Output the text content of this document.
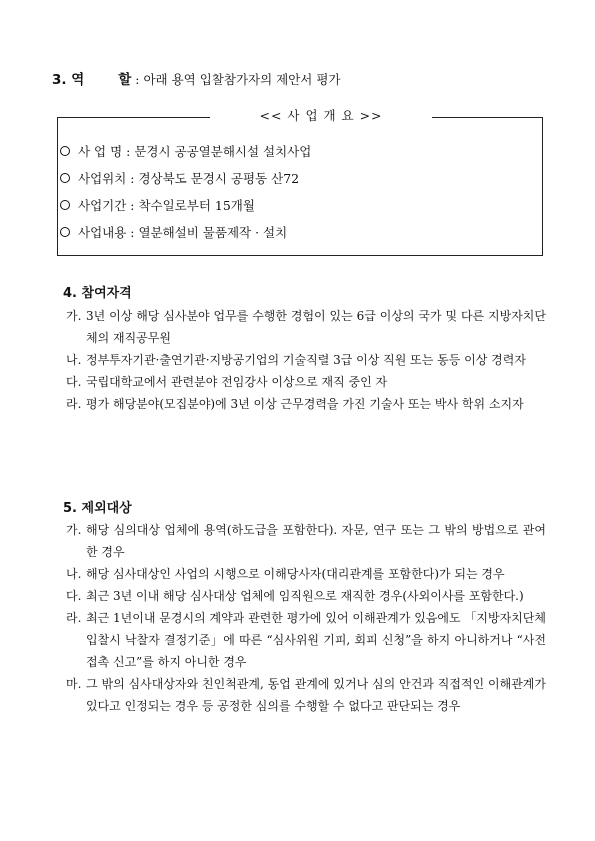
3. 역	할 : 아래 용역 입찰참가자의 제안서 평가
<< 사 업 개 요 >>
사 업 명 : 문경시 공공열분해시설 설치사업
사업위치 : 경상북도 문경시 공평동 산72
사업기간 : 착수일로부터 15개월
사업내용 : 열분해설비 물품제작 · 설치
4. 참여자격
가. 3년 이상 해당 심사분야 업무를 수행한 경험이 있는 6급 이상의 국가 및 다른 지방자치단체의 재직공무원
나. 정부투자기관·출연기관·지방공기업의 기술직렬 3급 이상 직원 또는 동등 이상 경력자
다. 국립대학교에서 관련분야 전임강사 이상으로 재직 중인 자
라. 평가 해당분야(모집분야)에 3년 이상 근무경력을 가진 기술사 또는 박사 학위 소지자
5. 제외대상
가. 해당 심의대상 업체에 용역(하도급을 포함한다). 자문, 연구 또는 그 밖의 방법으로 관여한 경우
나. 해당 심사대상인 사업의 시행으로 이해당사자(대리관계를 포함한다)가 되는 경우
다. 최근 3년 이내 해당 심사대상 업체에 임직원으로 재직한 경우(사외이사를 포함한다.)
라. 최근 1년이내 문경시의 계약과 관련한 평가에 있어 이해관계가 있음에도 「지방자치단체 입찰시 낙찰자 결정기준」에 따른 “심사위원 기피, 회피 신청”을 하지 아니하거나 “사전접촉 신고”를 하지 아니한 경우
마. 그 밖의 심사대상자와 친인척관계, 동업 관계에 있거나 심의 안건과 직접적인 이해관계가 있다고 인정되는 경우 등 공정한 심의를 수행할 수 없다고 판단되는 경우
